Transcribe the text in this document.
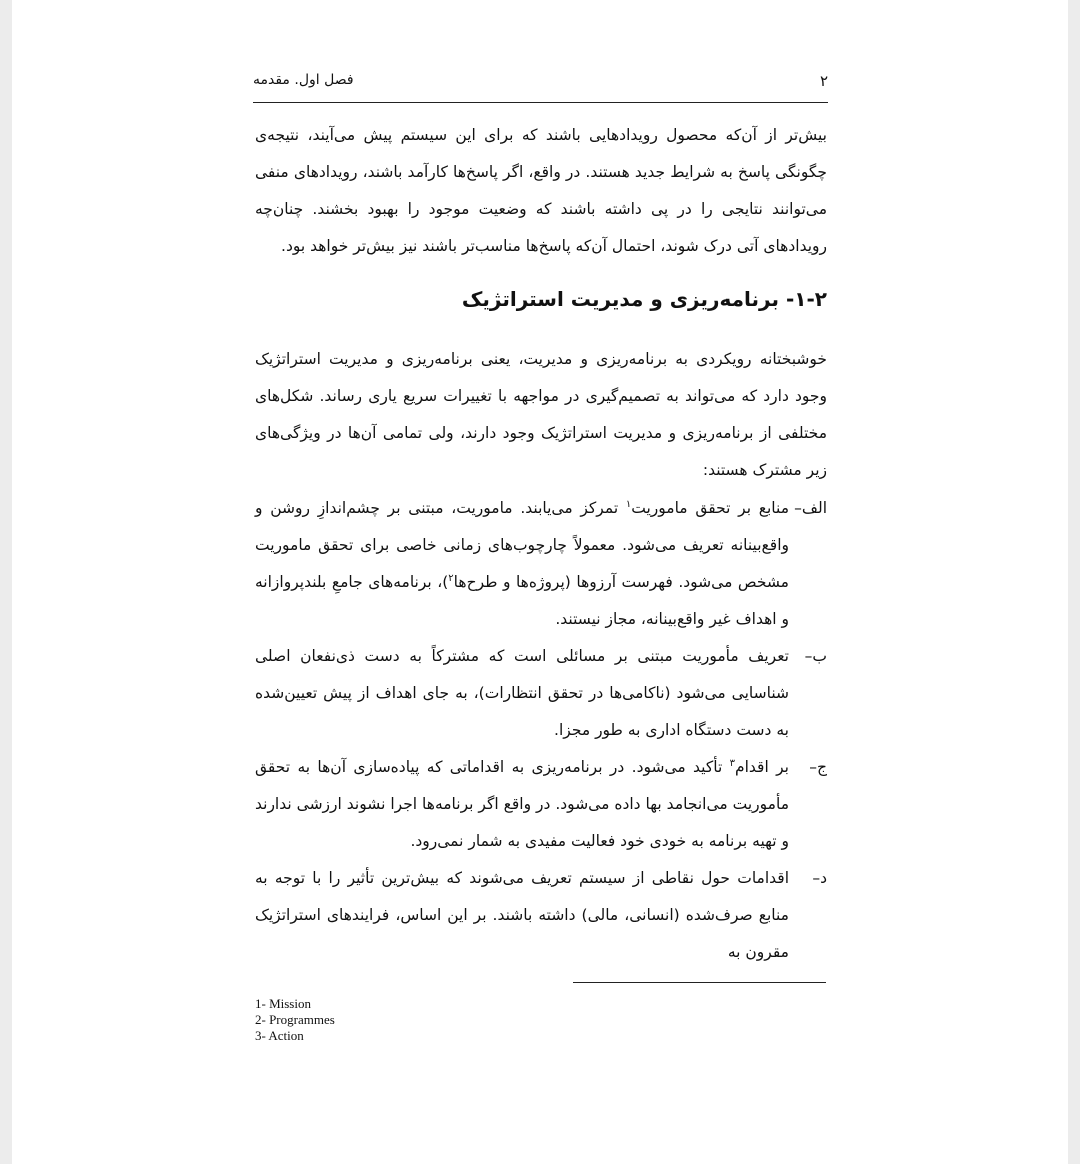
۲
فصل اول. مقدمه

بیش‌تر از آن‌که محصول رویدادهایی باشند که برای این سیستم پیش می‌آیند، نتیجه‌ی چگونگی پاسخ به شرایط جدید هستند. در واقع، اگر پاسخ‌ها کارآمد باشند، رویدادهای منفی می‌توانند نتایجی را در پی داشته باشند که وضعیت موجود را بهبود بخشند. چنان‌چه رویدادهای آتی درک شوند، احتمال آن‌که پاسخ‌ها مناسب‌تر باشند نیز بیش‌تر خواهد بود.

۱-۲- برنامه‌ریزی و مدیریت استراتژیک

خوشبختانه رویکردی به برنامه‌ریزی و مدیریت، یعنی برنامه‌ریزی و مدیریت استراتژیک وجود دارد که می‌تواند به تصمیم‌گیری در مواجهه با تغییرات سریع یاری رساند. شکل‌های مختلفی از برنامه‌ریزی و مدیریت استراتژیک وجود دارند، ولی تمامی آن‌ها در ویژگی‌های زیر مشترک هستند:

الف–
منابع بر تحقق ماموریت$^۱$ تمرکز می‌یابند. ماموریت، مبتنی بر چشم‌اندازِ روشن و واقع‌بینانه تعریف می‌شود. معمولاً چارچوب‌های زمانی خاصی برای تحقق ماموریت مشخص می‌شود. فهرست آرزوها (پروژه‌ها و طرح‌ها$^۲$)، برنامه‌های جامعِ بلندپروازانه و اهداف غیر واقع‌بینانه، مجاز نیستند.
ب–
تعریف مأموریت مبتنی بر مسائلی است که مشترکاً به دست ذی‌نفعان اصلی شناسایی می‌شود (ناکامی‌ها در تحقق انتظارات)، به جای اهداف از پیش تعیین‌شده به دست دستگاه اداری به طور مجزا.
ج–
بر اقدام$^۳$ تأکید می‌شود. در برنامه‌ریزی به اقداماتی که پیاده‌سازی آن‌ها به تحقق مأموریت می‌انجامد بها داده می‌شود. در واقع اگر برنامه‌ها اجرا نشوند ارزشی ندارند و تهیه برنامه به خودی خود فعالیت مفیدی به شمار نمی‌رود.
د–
اقدامات حول نقاطی از سیستم تعریف می‌شوند که بیش‌ترین تأثیر را با توجه به منابع صرف‌شده (انسانی، مالی) داشته باشند. بر این اساس، فرایندهای استراتژیک مقرون به
1- Mission
2- Programmes
3- Action
